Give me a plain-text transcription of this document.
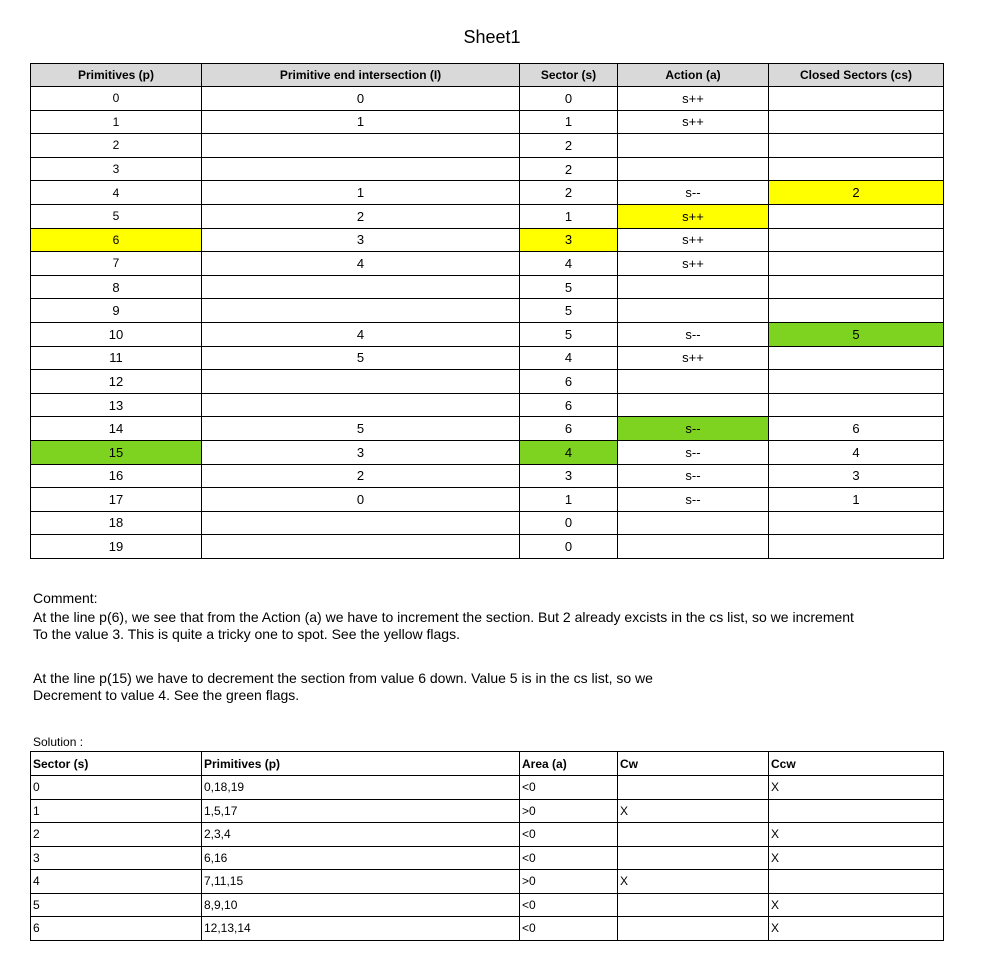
Sheet1
Primitives (p)	Primitive end intersection (I)	Sector (s)	Action (a)	Closed Sectors (cs)
0	0	0	s++	
1	1	1	s++	
2		2		
3		2		
4	1	2	s--	2
5	2	1	s++	
6	3	3	s++	
7	4	4	s++	
8		5		
9		5		
10	4	5	s--	5
11	5	4	s++	
12		6		
13		6		
14	5	6	s--	6
15	3	4	s--	4
16	2	3	s--	3
17	0	1	s--	1
18		0		
19		0		
Comment:
At the line p(6), we see that from the Action (a) we have to increment the section. But 2 already excists in the cs list, so we increment
To the value 3. This is quite a tricky one to spot. See the yellow flags.
At the line p(15) we have to decrement the section from value 6 down. Value 5 is in the cs list, so we
Decrement to value 4. See the green flags.
Solution :
Sector (s)	Primitives (p)	Area (a)	Cw	Ccw
0	0,18,19	<0		X
1	1,5,17	>0	X	
2	2,3,4	<0		X
3	6,16	<0		X
4	7,11,15	>0	X	
5	8,9,10	<0		X
6	12,13,14	<0		X
